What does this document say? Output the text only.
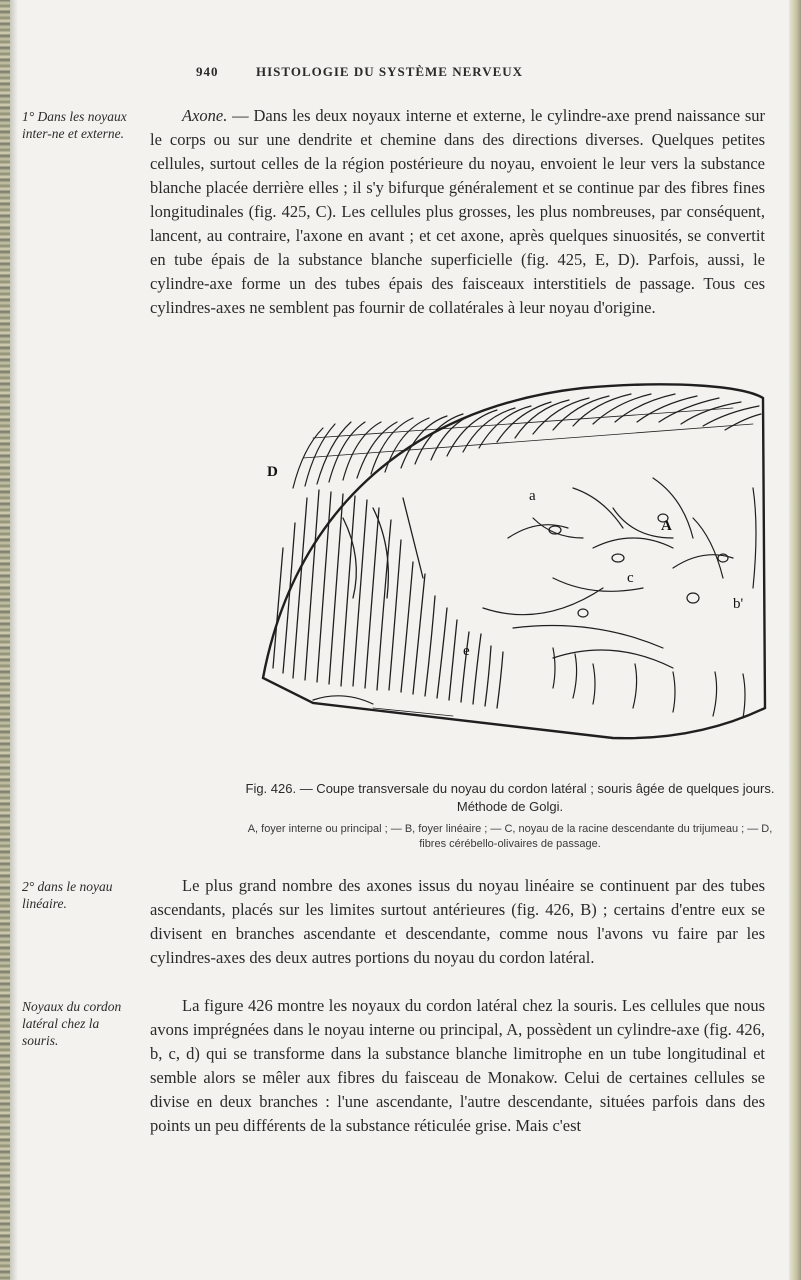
940	HISTOLOGIE DU SYSTÈME NERVEUX
1° Dans les noyaux inter-ne et externe.

Axone. — Dans les deux noyaux interne et externe, le cylindre-axe prend naissance sur le corps ou sur une dendrite et chemine dans des directions diverses. Quelques petites cellules, surtout celles de la région postérieure du noyau, envoient le leur vers la substance blanche placée derrière elles ; il s'y bifurque généralement et se continue par des fibres fines longitudinales (fig. 425, C). Les cellules plus grosses, les plus nombreuses, par conséquent, lancent, au contraire, l'axone en avant ; et cet axone, après quelques sinuosités, se convertit en tube épais de la substance blanche superficielle (fig. 425, E, D). Parfois, aussi, le cylindre-axe forme un des tubes épais des faisceaux interstitiels de passage. Tous ces cylindres-axes ne semblent pas fournir de collatérales à leur noyau d'origine.

D
a
A
c
b'
e
Fig. 426. — Coupe transversale du noyau du cordon latéral ; souris âgée de quelques jours. Méthode de Golgi.
A, foyer interne ou principal ; — B, foyer linéaire ; — C, noyau de la racine descendante du trijumeau ; — D, fibres cérébello-olivaires de passage.
2° dans le noyau linéaire.

Le plus grand nombre des axones issus du noyau linéaire se continuent par des tubes ascendants, placés sur les limites surtout antérieures (fig. 426, B) ; certains d'entre eux se divisent en branches ascendante et descendante, comme nous l'avons vu faire par les cylindres-axes des deux autres portions du noyau du cordon latéral.

Noyaux du cordon latéral chez la souris.

La figure 426 montre les noyaux du cordon latéral chez la souris. Les cellules que nous avons imprégnées dans le noyau interne ou principal, A, possèdent un cylindre-axe (fig. 426, b, c, d) qui se transforme dans la substance blanche limitrophe en un tube longitudinal et semble alors se mêler aux fibres du faisceau de Monakow. Celui de certaines cellules se divise en deux branches : l'une ascendante, l'autre descendante, situées parfois dans des points un peu différents de la substance réticulée grise. Mais c'est
